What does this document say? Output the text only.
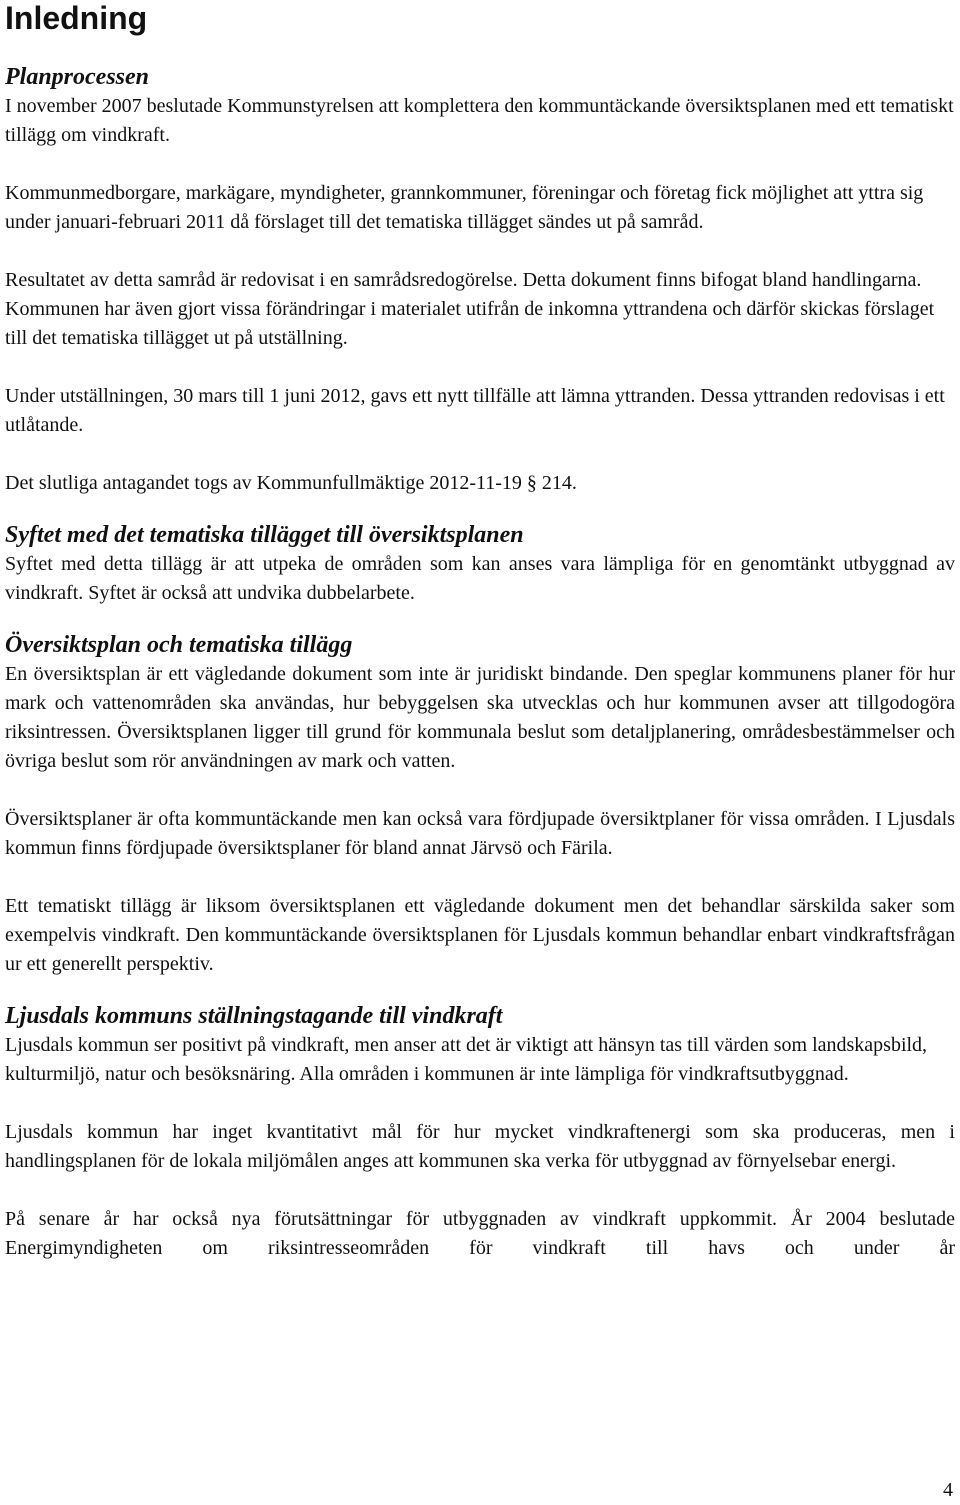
Inledning
Planprocessen

I november 2007 beslutade Kommunstyrelsen att komplettera den kommuntäckande översiktsplanen med ett tematiskt tillägg om vindkraft.

Kommunmedborgare, markägare, myndigheter, grannkommuner, föreningar och företag fick möjlighet att yttra sig under januari-februari 2011 då förslaget till det tematiska tillägget sändes ut på samråd.

Resultatet av detta samråd är redovisat i en samrådsredogörelse. Detta dokument finns bifogat bland handlingarna. Kommunen har även gjort vissa förändringar i materialet utifrån de inkomna yttrandena och därför skickas förslaget till det tematiska tillägget ut på utställning.

Under utställningen, 30 mars till 1 juni 2012, gavs ett nytt tillfälle att lämna yttranden. Dessa yttranden redovisas i ett utlåtande.

Det slutliga antagandet togs av Kommunfullmäktige 2012-11-19 § 214.

Syftet med det tematiska tillägget till översiktsplanen

Syftet med detta tillägg är att utpeka de områden som kan anses vara lämpliga för en genomtänkt utbyggnad av vindkraft. Syftet är också att undvika dubbelarbete.

Översiktsplan och tematiska tillägg

En översiktsplan är ett vägledande dokument som inte är juridiskt bindande. Den speglar kommunens planer för hur mark och vattenområden ska användas, hur bebyggelsen ska utvecklas och hur kommunen avser att tillgodogöra riksintressen. Översiktsplanen ligger till grund för kommunala beslut som detaljplanering, områdesbestämmelser och övriga beslut som rör användningen av mark och vatten.

Översiktsplaner är ofta kommuntäckande men kan också vara fördjupade översiktplaner för vissa områden. I Ljusdals kommun finns fördjupade översiktsplaner för bland annat Järvsö och Färila.

Ett tematiskt tillägg är liksom översiktsplanen ett vägledande dokument men det behandlar särskilda saker som exempelvis vindkraft. Den kommuntäckande översiktsplanen för Ljusdals kommun behandlar enbart vindkraftsfrågan ur ett generellt perspektiv.

Ljusdals kommuns ställningstagande till vindkraft

Ljusdals kommun ser positivt på vindkraft, men anser att det är viktigt att hänsyn tas till värden som landskapsbild, kulturmiljö, natur och besöksnäring. Alla områden i kommunen är inte lämpliga för vindkraftsutbyggnad.

Ljusdals kommun har inget kvantitativt mål för hur mycket vindkraftenergi som ska produceras, men i handlingsplanen för de lokala miljömålen anges att kommunen ska verka för utbyggnad av förnyelsebar energi.

På senare år har också nya förutsättningar för utbyggnaden av vindkraft uppkommit. År 2004 beslutade Energimyndigheten om riksintresseområden för vindkraft till havs och under år

4
